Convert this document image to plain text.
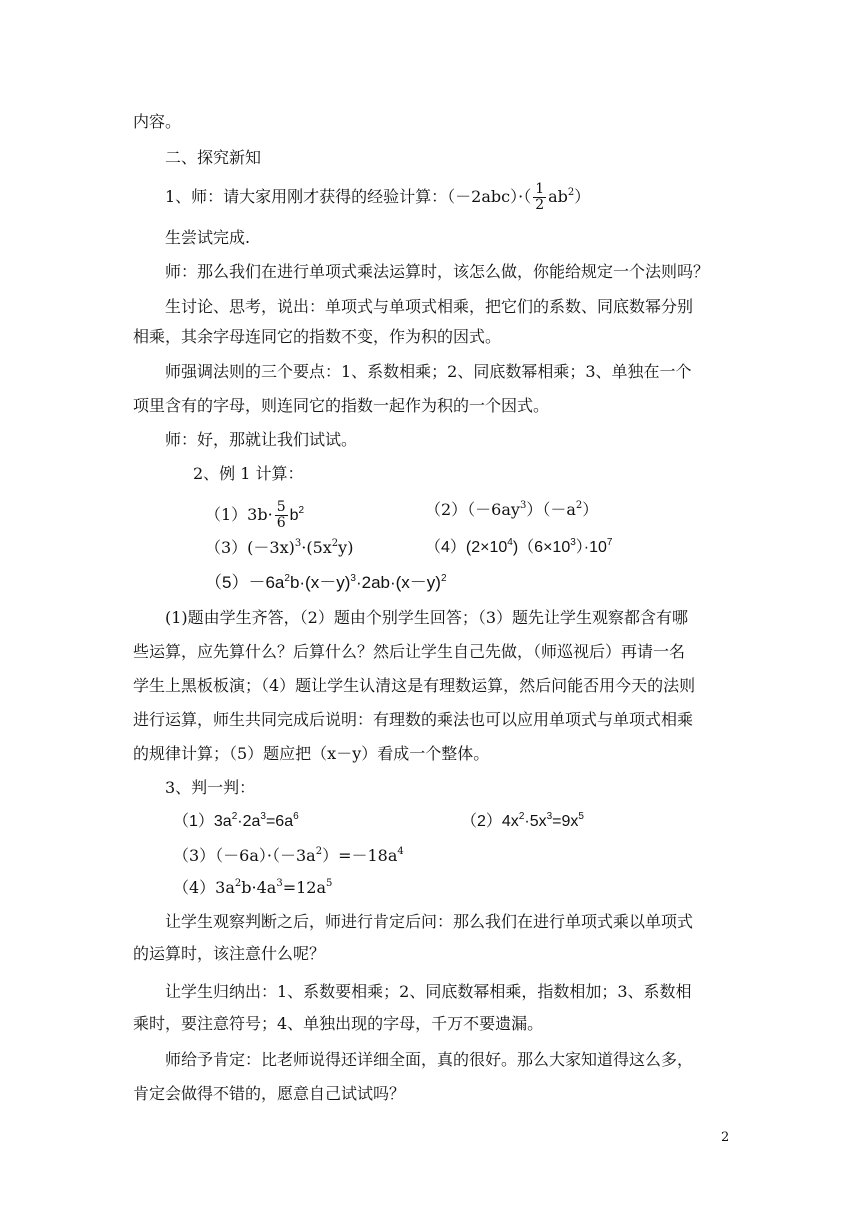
内容。
二、探究新知
1、师：请大家用刚才获得的经验计算：$(-2abc)\cdot( \frac{1}{2} ab^2)$
生尝试完成.
师：那么我们在进行单项式乘法运算时，该怎么做，你能给规定一个法则吗？
生讨论、思考，说出：单项式与单项式相乘，把它们的系数、同底数幂分别
相乘，其余字母连同它的指数不变，作为积的因式。
师强调法则的三个要点：1、系数相乘；2、同底数幂相乘；3、单独在一个
项里含有的字母，则连同它的指数一起作为积的一个因式。
师：好，那就让我们试试。
2、例 1 计算：
$(1)3b\cdot \frac{5}{6} b^2$	$(2)(-6ay^3)(-a^2)$
$(3)(-3x)^3\cdot(5x^2y)$	$(4)(2\times 10^4)(6\times 10^3)\cdot 10^7$
$(5)-6a^2b\cdot(x-y)^3\cdot 2ab\cdot(x-y)^2$
(1)题由学生齐答，（2）题由个别学生回答；（3）题先让学生观察都含有哪
些运算，应先算什么？后算什么？然后让学生自己先做，（师巡视后）再请一名
学生上黑板板演；（4）题让学生认清这是有理数运算，然后问能否用今天的法则
进行运算，师生共同完成后说明：有理数的乘法也可以应用单项式与单项式相乘
的规律计算；（5）题应把（x－y）看成一个整体。
3、判一判：
$(1)3a^2\cdot 2a^3=6a^6$	$(2)4x^2\cdot 5x^3=9x^5$
$(3)(-6a)\cdot(-3a^2)=-18a^4$
$(4)3a^2b\cdot 4a^3=12a^5$
让学生观察判断之后，师进行肯定后问：那么我们在进行单项式乘以单项式
的运算时，该注意什么呢？
让学生归纳出：1、系数要相乘；2、同底数幂相乘，指数相加；3、系数相
乘时，要注意符号；4、单独出现的字母，千万不要遗漏。
师给予肯定：比老师说得还详细全面，真的很好。那么大家知道得这么多，
肯定会做得不错的，愿意自己试试吗？
2
